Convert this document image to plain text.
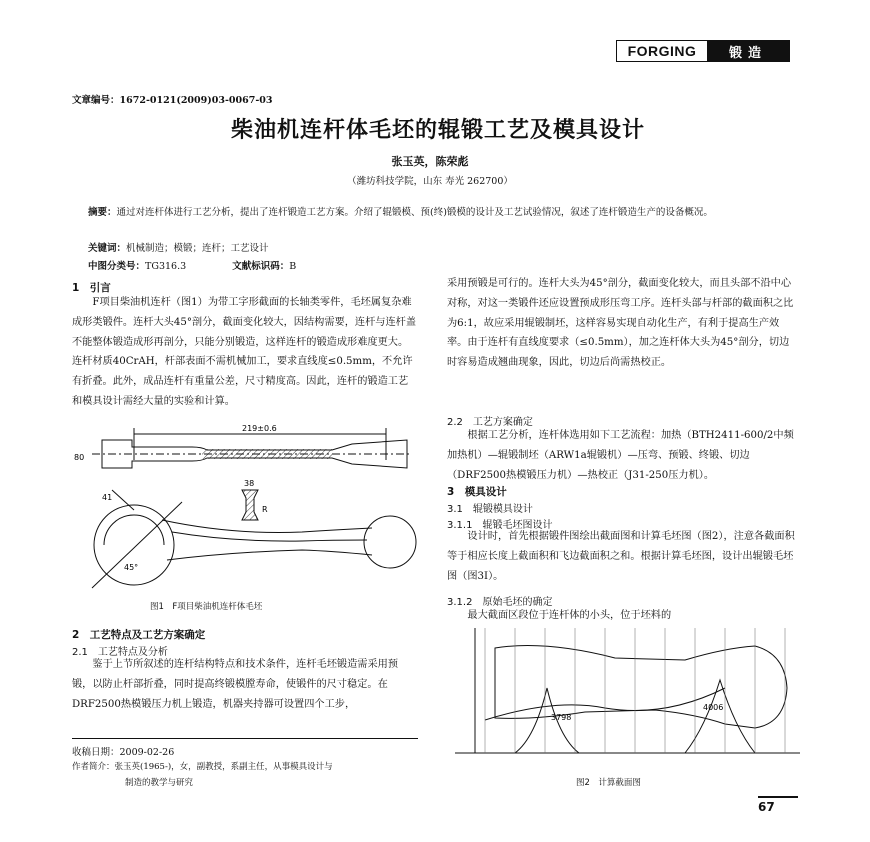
FORGING	锻造
文章编号：1672-0121(2009)03-0067-03
柴油机连杆体毛坯的辊锻工艺及模具设计
张玉英，陈荣彪
（潍坊科技学院，山东 寿光 262700）
摘要：通过对连杆体进行工艺分析，提出了连杆锻造工艺方案。介绍了辊锻模、预(终)锻模的设计及工艺试验情况，叙述了连杆锻造生产的设备概况。
关键词：机械制造；模锻；连杆；工艺设计
中图分类号：TG316.3	文献标识码：B
1　引言

F项目柴油机连杆（图1）为带工字形截面的长轴类零件，毛坯属复杂难成形类锻件。连杆大头45°剖分，截面变化较大，因结构需要，连杆与连杆盖不能整体锻造成形再剖分，只能分别锻造，这样连杆的锻造成形难度更大。连杆材质40CrAH，杆部表面不需机械加工，要求直线度≤0.5mm，不允许有折叠。此外，成品连杆有重量公差，尺寸精度高。因此，连杆的锻造工艺和模具设计需经大量的实验和计算。

219±0.6
80
38
41
45°
R
图1　F项目柴油机连杆体毛坯
2　工艺特点及工艺方案确定
2.1　工艺特点及分析

鉴于上节所叙述的连杆结构特点和技术条件，连杆毛坯锻造需采用预锻，以防止杆部折叠，同时提高终锻模膛寿命，使锻件的尺寸稳定。在DRF2500热模锻压力机上锻造，机器夹持器可设置四个工步，

收稿日期：2009-02-26
作者简介：张玉英(1965-)，女，副教授，系副主任，从事模具设计与
制造的教学与研究

采用预锻是可行的。连杆大头为45°剖分，截面变化较大，而且头部不沿中心对称，对这一类锻件还应设置预成形压弯工序。连杆头部与杆部的截面积之比为6:1，故应采用辊锻制坯，这样容易实现自动化生产，有利于提高生产效率。由于连杆有直线度要求（≤0.5mm），加之连杆体大头为45°剖分，切边时容易造成翘曲现象，因此，切边后尚需热校正。

2.2　工艺方案确定

根据工艺分析，连杆体选用如下工艺流程：加热（BTH2411-600/2中频加热机）—辊锻制坯（ARW1a辊锻机）—压弯、预锻、终锻、切边（DRF2500热模锻压力机）—热校正（J31-250压力机）。

3　模具设计
3.1　辊锻模具设计
3.1.1　辊锻毛坯图设计

设计时，首先根据锻件图绘出截面图和计算毛坯图（图2），注意各截面积等于相应长度上截面积和飞边截面积之和。根据计算毛坯图，设计出辊锻毛坯图（图3Ⅰ）。

3.1.2　原始毛坯的确定

最大截面区段位于连杆体的小头，位于坯料的

3798
4006
图2　计算截面图
67
